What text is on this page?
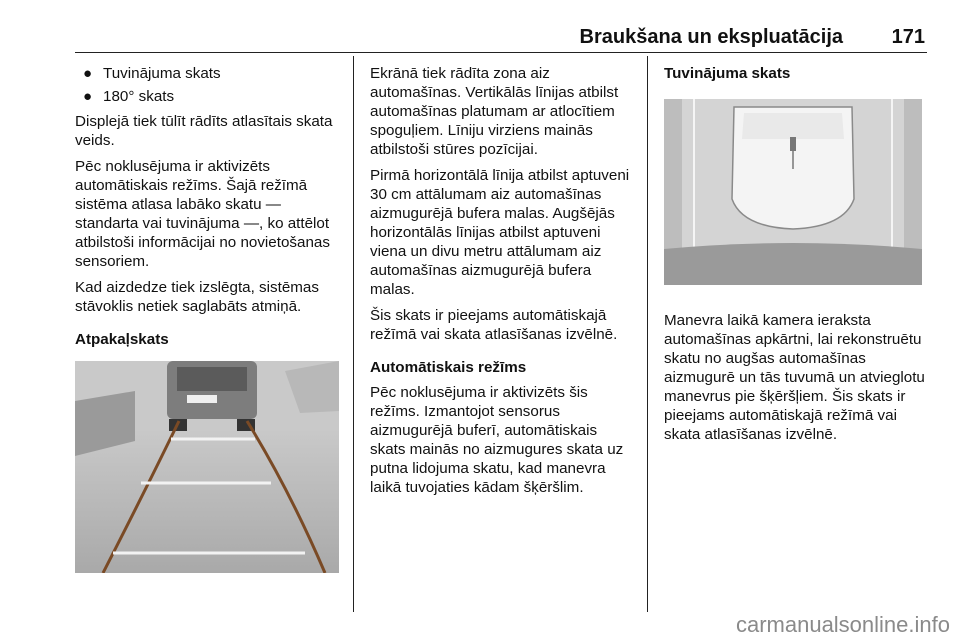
Braukšana un ekspluatācija 171
● Tuvinājuma skats
● 180° skats

Displejā tiek tūlīt rādīts atlasītais skata veids.

Pēc noklusējuma ir aktivizēts automātiskais režīms. Šajā režīmā sistēma atlasa labāko skatu — standarta vai tuvinājuma —, ko attēlot atbilstoši informācijai no novietošanas sensoriem.

Kad aizdedze tiek izslēgta, sistēmas stāvoklis netiek saglabāts atmiņā.

Atpakaļskats

Ekrānā tiek rādīta zona aiz automašīnas. Vertikālās līnijas atbilst automašīnas platumam ar atlocītiem spoguļiem. Līniju virziens mainās atbilstoši stūres pozīcijai.

Pirmā horizontālā līnija atbilst aptuveni 30 cm attālumam aiz automašīnas aizmugurējā bufera malas. Augšējās horizontālās līnijas atbilst aptuveni viena un divu metru attālumam aiz automašīnas aizmugurējā bufera malas.

Šis skats ir pieejams automātiskajā režīmā vai skata atlasīšanas izvēlnē.

Automātiskais režīms

Pēc noklusējuma ir aktivizēts šis režīms. Izmantojot sensorus aizmugurējā buferī, automātiskais skats mainās no aizmugures skata uz putna lidojuma skatu, kad manevra laikā tuvojaties kādam šķēršlim.

Tuvinājuma skats

Manevra laikā kamera ieraksta automašīnas apkārtni, lai rekonstruētu skatu no augšas automašīnas aizmugurē un tās tuvumā un atvieglotu manevrus pie šķēršļiem. Šis skats ir pieejams automātiskajā režīmā vai skata atlasīšanas izvēlnē.

carmanualsonline.info
